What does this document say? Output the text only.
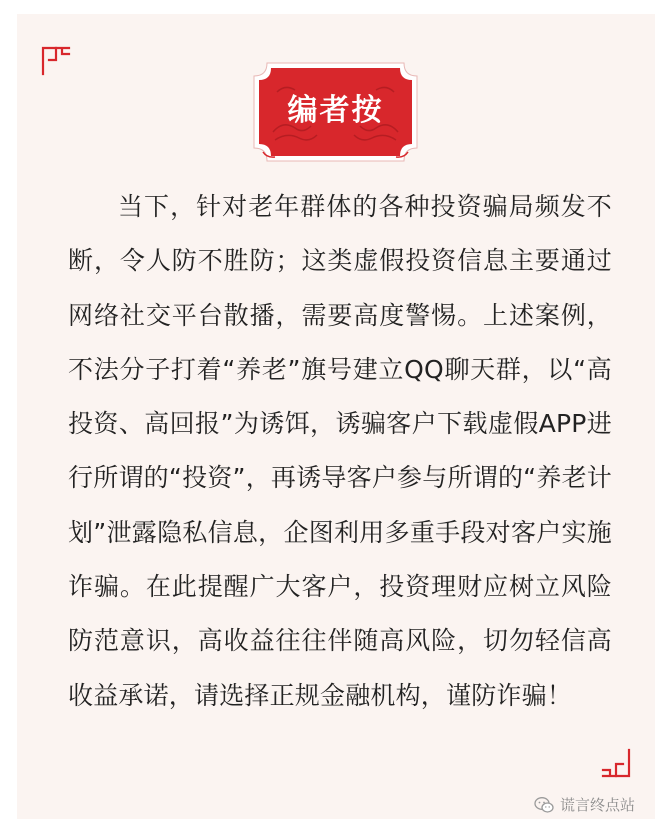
编者按

当下，针对老年群体的各种投资骗局频发不断，令人防不胜防；这类虚假投资信息主要通过网络社交平台散播，需要高度警惕。上述案例，不法分子打着“养老”旗号建立QQ聊天群，以“高投资、高回报”为诱饵，诱骗客户下载虚假APP进行所谓的“投资”，再诱导客户参与所谓的“养老计划”泄露隐私信息，企图利用多重手段对客户实施诈骗。在此提醒广大客户，投资理财应树立风险防范意识，高收益往往伴随高风险，切勿轻信高收益承诺，请选择正规金融机构，谨防诈骗！

谎言终点站
